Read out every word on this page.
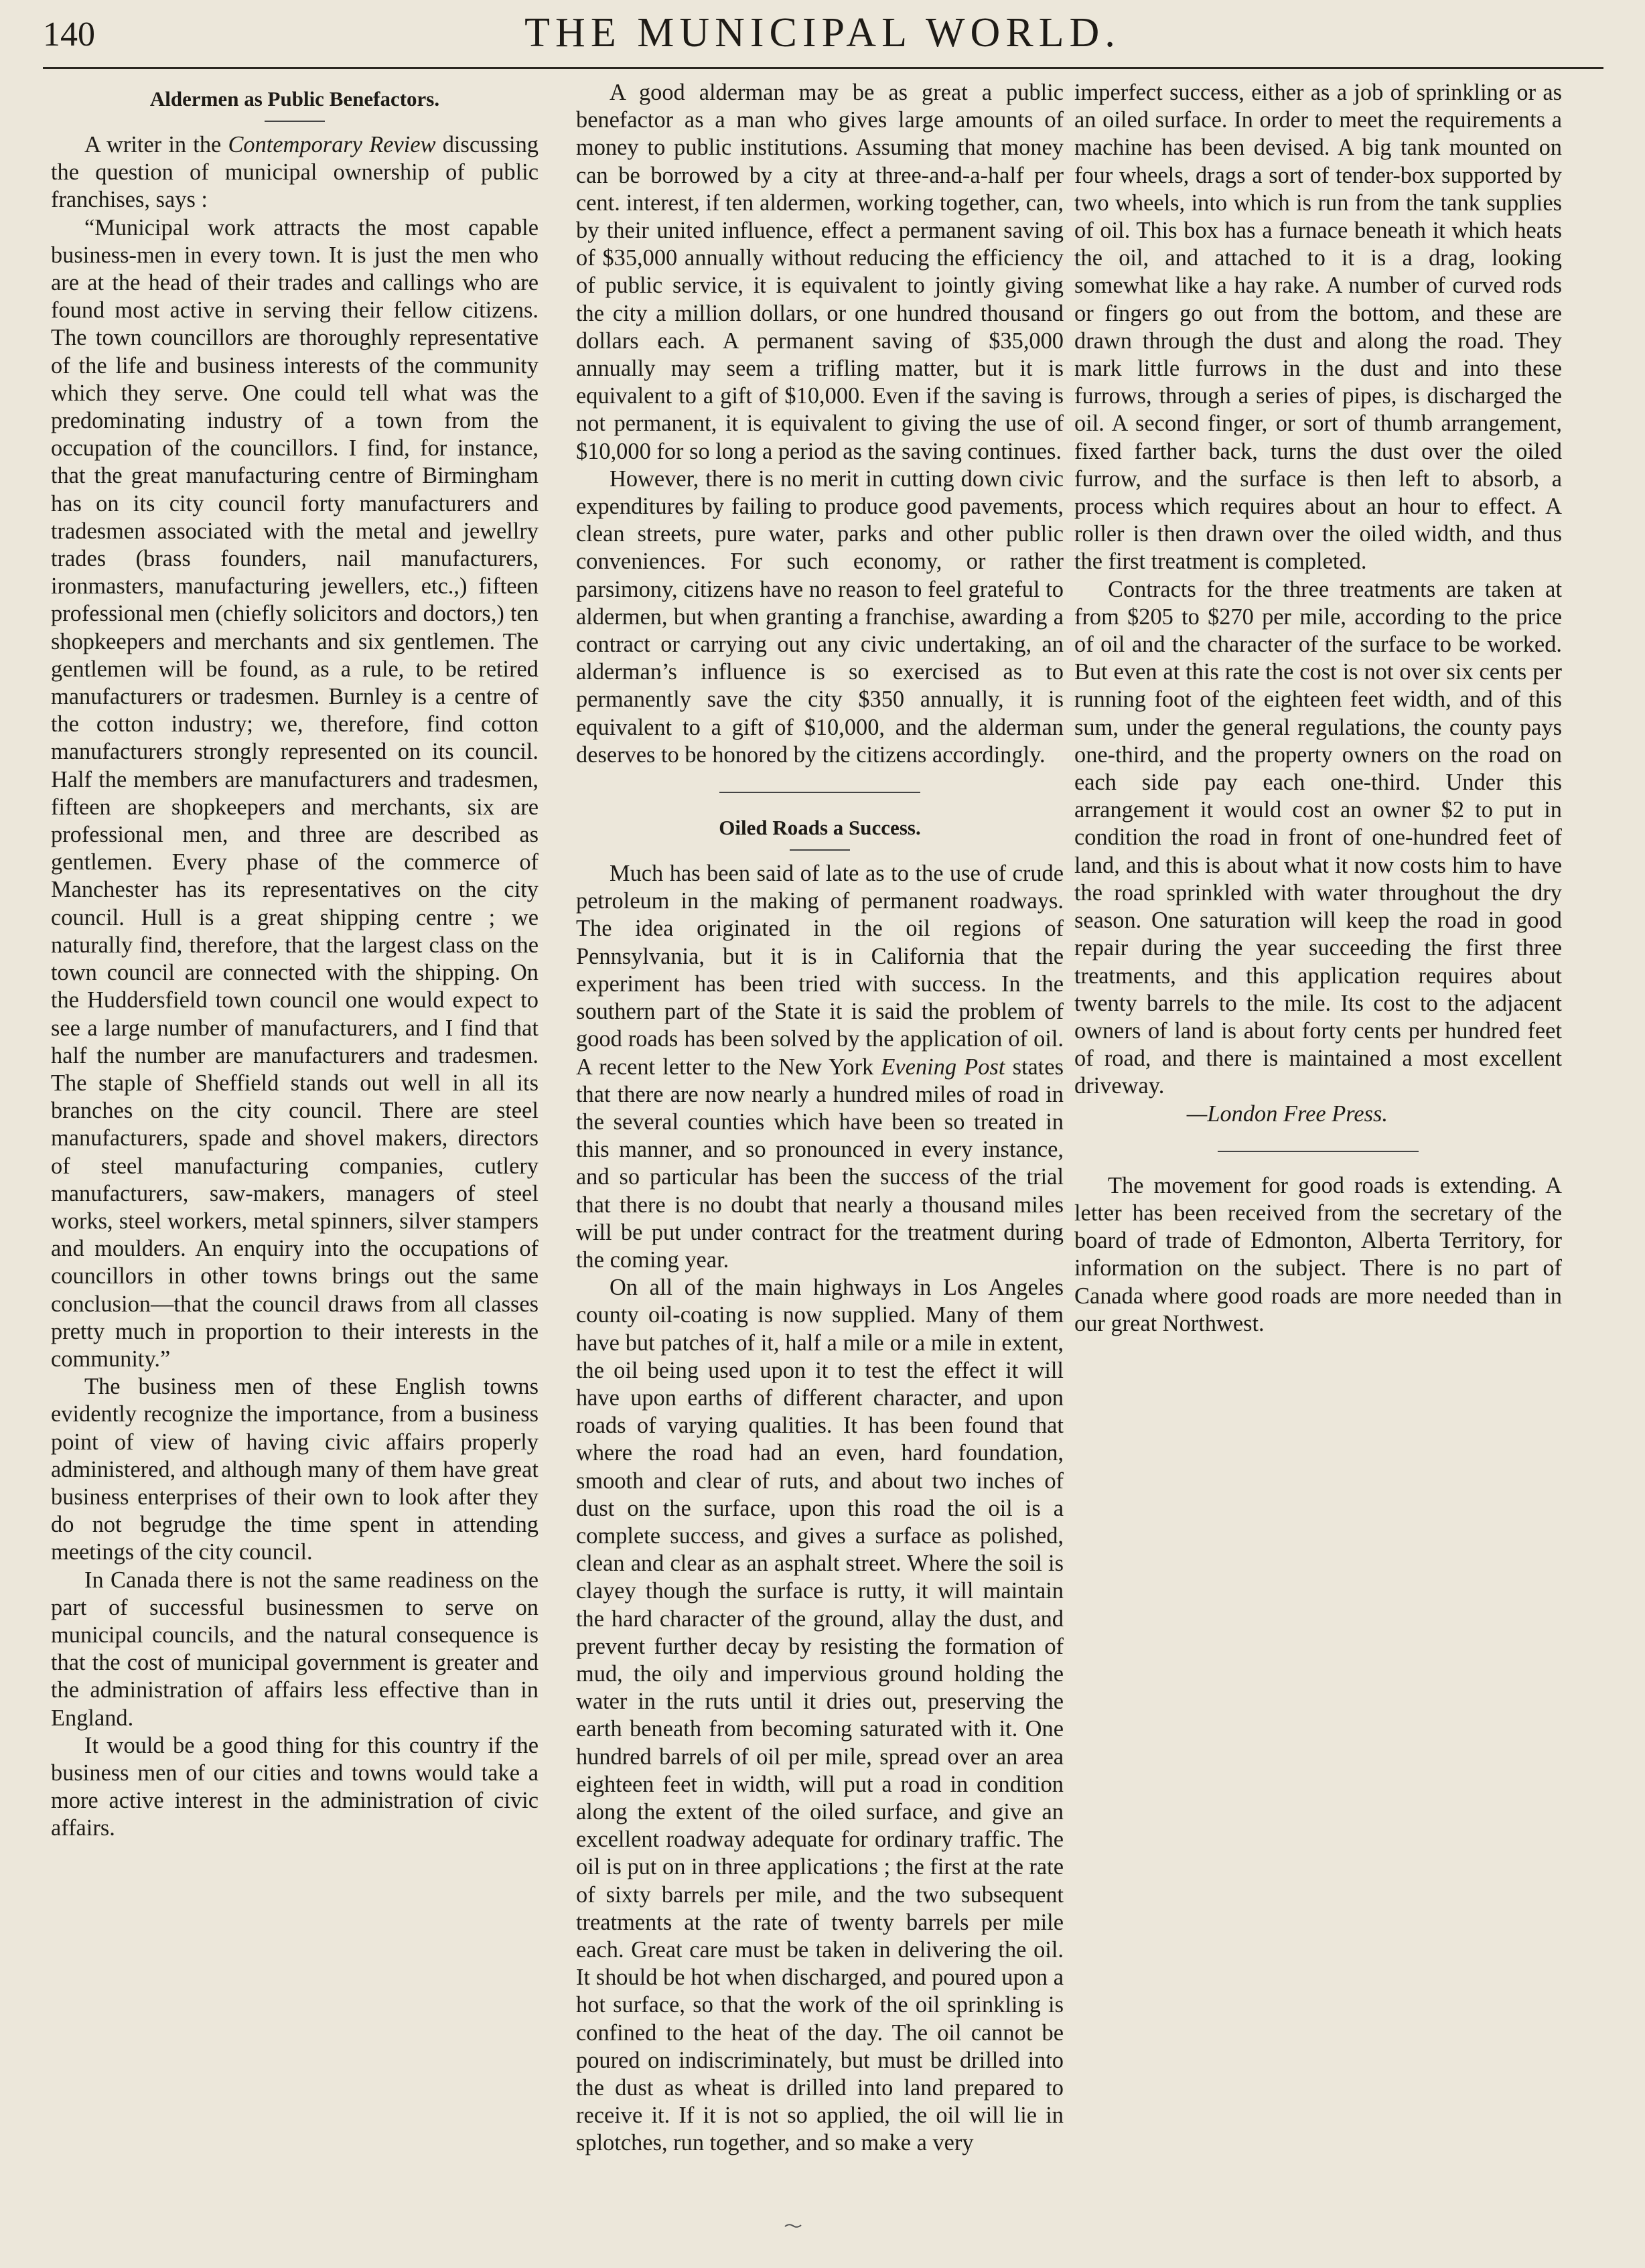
140	THE MUNICIPAL WORLD.
Aldermen as Public Benefactors.

A writer in the Contemporary Review discussing the question of municipal ownership of public franchises, says :

“Municipal work attracts the most capable business-men in every town. It is just the men who are at the head of their trades and callings who are found most active in serving their fellow citizens. The town councillors are thoroughly representative of the life and business interests of the community which they serve. One could tell what was the predominating industry of a town from the occupation of the councillors. I find, for instance, that the great manufacturing centre of Birmingham has on its city council forty manufacturers and tradesmen associated with the metal and jewellry trades (brass founders, nail manufacturers, ironmasters, manufacturing jewellers, etc.,) fifteen professional men (chiefly solicitors and doctors,) ten shopkeepers and merchants and six gentlemen. The gentlemen will be found, as a rule, to be retired manufacturers or tradesmen. Burnley is a centre of the cotton industry; we, therefore, find cotton manufacturers strongly represented on its council. Half the members are manufacturers and tradesmen, fifteen are shopkeepers and merchants, six are professional men, and three are described as gentlemen. Every phase of the commerce of Manchester has its representatives on the city council. Hull is a great shipping centre ; we naturally find, therefore, that the largest class on the town council are connected with the shipping. On the Huddersfield town council one would expect to see a large number of manufacturers, and I find that half the number are manufacturers and tradesmen. The staple of Sheffield stands out well in all its branches on the city council. There are steel manufacturers, spade and shovel makers, directors of steel manufacturing companies, cutlery manufacturers, saw-makers, managers of steel works, steel workers, metal spinners, silver stampers and moulders. An enquiry into the occupations of councillors in other towns brings out the same conclusion—that the council draws from all classes pretty much in proportion to their interests in the community.”

The business men of these English towns evidently recognize the importance, from a business point of view of having civic affairs properly administered, and although many of them have great business enterprises of their own to look after they do not begrudge the time spent in attending meetings of the city council.

In Canada there is not the same readiness on the part of successful businessmen to serve on municipal councils, and the natural consequence is that the cost of municipal government is greater and the administration of affairs less effective than in England.

It would be a good thing for this country if the business men of our cities and towns would take a more active interest in the administration of civic affairs.

A good alderman may be as great a public benefactor as a man who gives large amounts of money to public institutions. Assuming that money can be borrowed by a city at three-and-a-half per cent. interest, if ten aldermen, working together, can, by their united influence, effect a permanent saving of $35,000 annually without reducing the efficiency of public service, it is equivalent to jointly giving the city a million dollars, or one hundred thousand dollars each. A permanent saving of $35,000 annually may seem a trifling matter, but it is equivalent to a gift of $10,000. Even if the saving is not permanent, it is equivalent to giving the use of $10,000 for so long a period as the saving continues.

However, there is no merit in cutting down civic expenditures by failing to produce good pavements, clean streets, pure water, parks and other public conveniences. For such economy, or rather parsimony, citizens have no reason to feel grateful to aldermen, but when granting a franchise, awarding a contract or carrying out any civic undertaking, an alderman’s influence is so exercised as to permanently save the city $350 annually, it is equivalent to a gift of $10,000, and the alderman deserves to be honored by the citizens accordingly.

Oiled Roads a Success.

Much has been said of late as to the use of crude petroleum in the making of permanent roadways. The idea originated in the oil regions of Pennsylvania, but it is in California that the experiment has been tried with success. In the southern part of the State it is said the problem of good roads has been solved by the application of oil. A recent letter to the New York Evening Post states that there are now nearly a hundred miles of road in the several counties which have been so treated in this manner, and so pronounced in every instance, and so particular has been the success of the trial that there is no doubt that nearly a thousand miles will be put under contract for the treatment during the coming year.

On all of the main highways in Los Angeles county oil-coating is now supplied. Many of them have but patches of it, half a mile or a mile in extent, the oil being used upon it to test the effect it will have upon earths of different character, and upon roads of varying qualities. It has been found that where the road had an even, hard foundation, smooth and clear of ruts, and about two inches of dust on the surface, upon this road the oil is a complete success, and gives a surface as polished, clean and clear as an asphalt street. Where the soil is clayey though the surface is rutty, it will maintain the hard character of the ground, allay the dust, and prevent further decay by resisting the formation of mud, the oily and impervious ground holding the water in the ruts until it dries out, preserving the earth beneath from becoming saturated with it. One hundred barrels of oil per mile, spread over an area eighteen feet in width, will put a road in condition along the extent of the oiled surface, and give an excellent roadway adequate for ordinary traffic. The oil is put on in three applications ; the first at the rate of sixty barrels per mile, and the two subsequent treatments at the rate of twenty barrels per mile each. Great care must be taken in delivering the oil. It should be hot when discharged, and poured upon a hot surface, so that the work of the oil sprinkling is confined to the heat of the day. The oil cannot be poured on indiscriminately, but must be drilled into the dust as wheat is drilled into land prepared to receive it. If it is not so applied, the oil will lie in splotches, run together, and so make a very

imperfect success, either as a job of sprinkling or as an oiled surface. In order to meet the requirements a machine has been devised. A big tank mounted on four wheels, drags a sort of tender-box supported by two wheels, into which is run from the tank supplies of oil. This box has a furnace beneath it which heats the oil, and attached to it is a drag, looking somewhat like a hay rake. A number of curved rods or fingers go out from the bottom, and these are drawn through the dust and along the road. They mark little furrows in the dust and into these furrows, through a series of pipes, is discharged the oil. A second finger, or sort of thumb arrangement, fixed farther back, turns the dust over the oiled furrow, and the surface is then left to absorb, a process which requires about an hour to effect. A roller is then drawn over the oiled width, and thus the first treatment is completed.

Contracts for the three treatments are taken at from $205 to $270 per mile, according to the price of oil and the character of the surface to be worked. But even at this rate the cost is not over six cents per running foot of the eighteen feet width, and of this sum, under the general regulations, the county pays one-third, and the property owners on the road on each side pay each one-third. Under this arrangement it would cost an owner $2 to put in condition the road in front of one-hundred feet of land, and this is about what it now costs him to have the road sprinkled with water throughout the dry season. One saturation will keep the road in good repair during the year succeeding the first three treatments, and this application requires about twenty barrels to the mile. Its cost to the adjacent owners of land is about forty cents per hundred feet of road, and there is maintained a most excellent driveway.

—London Free Press.

The movement for good roads is extending. A letter has been received from the secretary of the board of trade of Edmonton, Alberta Territory, for information on the subject. There is no part of Canada where good roads are more needed than in our great Northwest.
